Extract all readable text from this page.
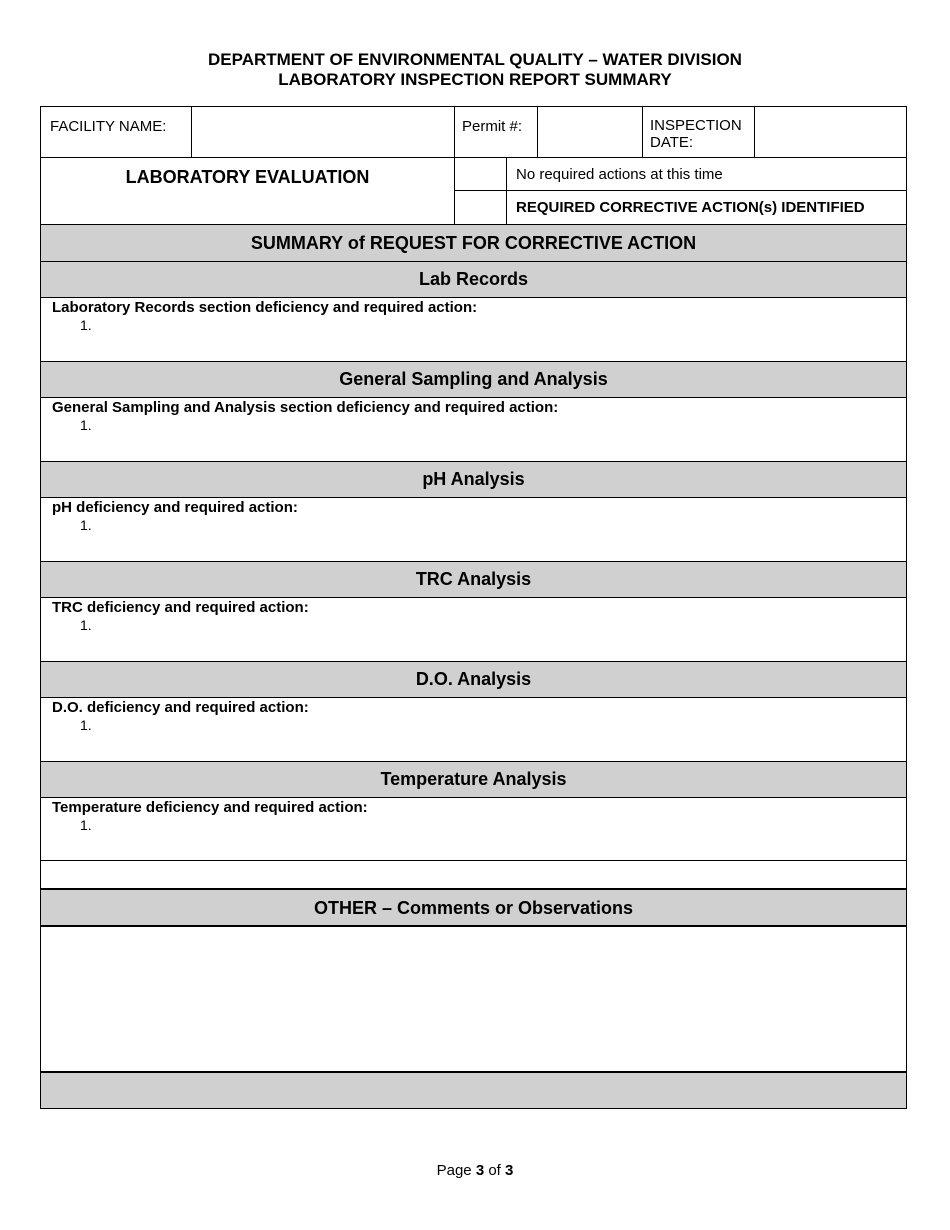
DEPARTMENT OF ENVIRONMENTAL QUALITY – WATER DIVISION
LABORATORY INSPECTION REPORT SUMMARY
FACILITY NAME:	Permit #:	INSPECTION DATE:
LABORATORY EVALUATION	No required actions at this time
REQUIRED CORRECTIVE ACTION(s) IDENTIFIED
SUMMARY of REQUEST FOR CORRECTIVE ACTION
Lab Records
Laboratory Records section deficiency and required action:
1.
General Sampling and Analysis
General Sampling and Analysis section deficiency and required action:
1.
pH Analysis
pH deficiency and required action:
1.
TRC Analysis
TRC deficiency and required action:
1.
D.O. Analysis
D.O. deficiency and required action:
1.
Temperature Analysis
Temperature deficiency and required action:
1.
OTHER – Comments or Observations
Page 3 of 3
